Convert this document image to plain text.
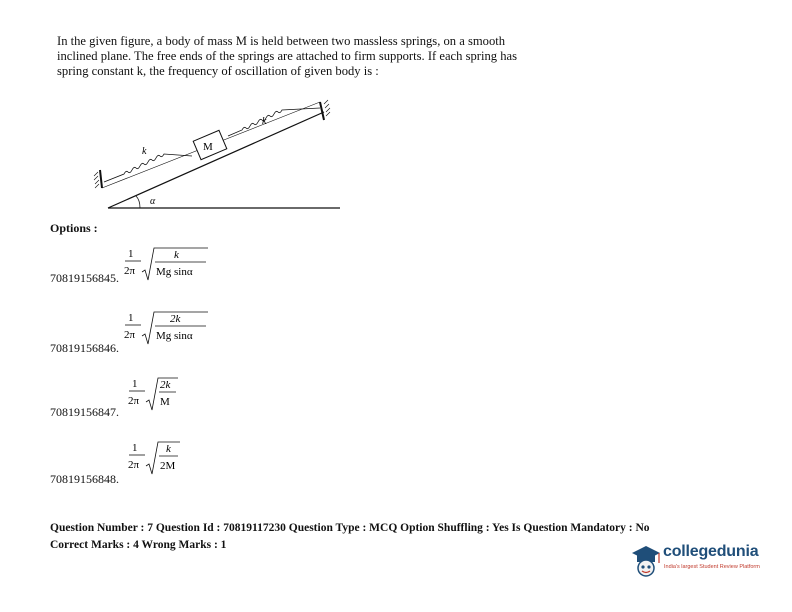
In the given figure, a body of mass M is held between two massless springs, on a smooth

inclined plane. The free ends of the springs are attached to firm supports. If each spring has

spring constant k, the frequency of oscillation of given body is :

M
k
k
α
Options :
70819156845.
1
2π
k
Mg sinα
70819156846.
1
2π
2k
Mg sinα
70819156847.
1
2π
2k
M
70819156848.
1
2π
k
2M
Question Number : 7 Question Id : 70819117230 Question Type : MCQ Option Shuffling : Yes Is Question Mandatory : No
Correct Marks : 4 Wrong Marks : 1	collegedunia
India's largest Student Review Platform
